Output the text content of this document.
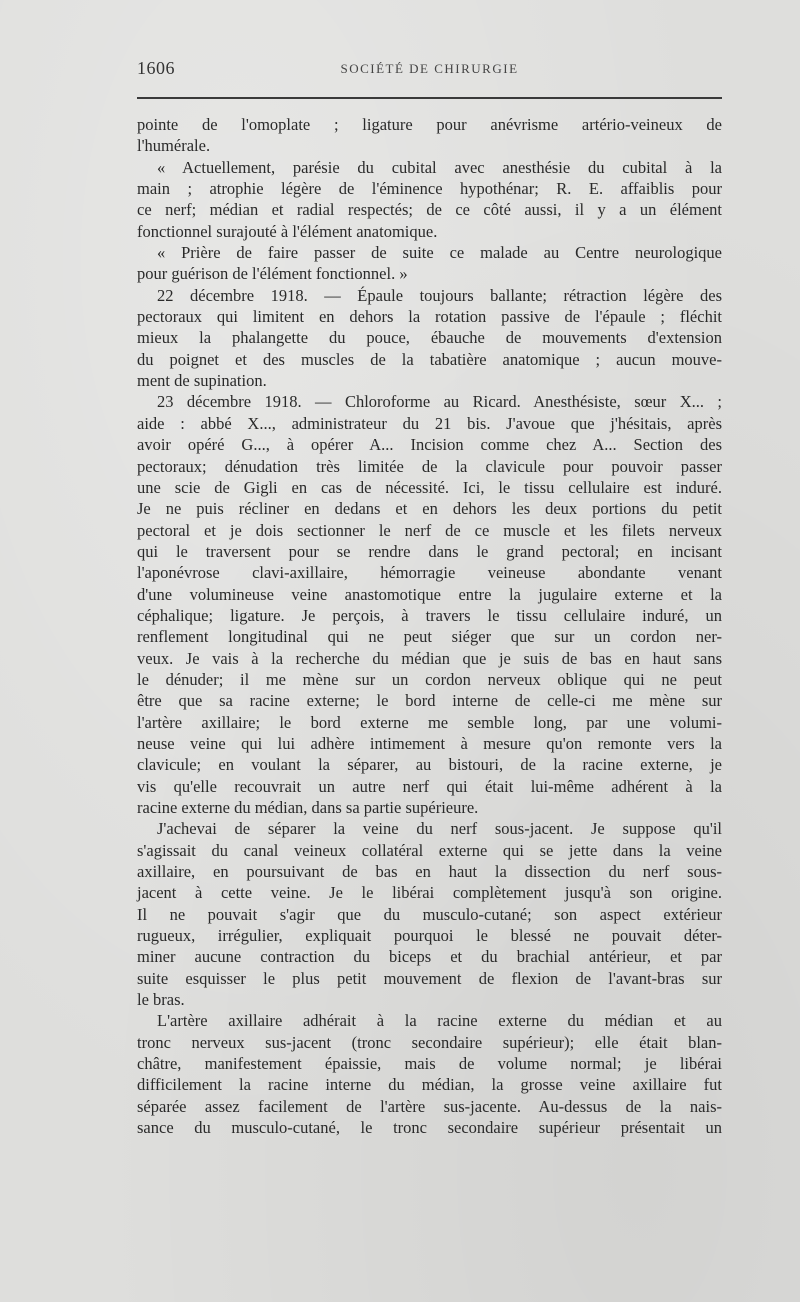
1606	SOCIÉTÉ DE CHIRURGIE
pointe de l'omoplate ; ligature pour anévrisme artério-veineux de
l'humérale.
« Actuellement, parésie du cubital avec anesthésie du cubital à la
main ; atrophie légère de l'éminence hypothénar; R. E. affaiblis pour
ce nerf; médian et radial respectés; de ce côté aussi, il y a un élément
fonctionnel surajouté à l'élément anatomique.
« Prière de faire passer de suite ce malade au Centre neurologique
pour guérison de l'élément fonctionnel. »
22 décembre 1918. — Épaule toujours ballante; rétraction légère des
pectoraux qui limitent en dehors la rotation passive de l'épaule ; fléchit
mieux la phalangette du pouce, ébauche de mouvements d'extension
du poignet et des muscles de la tabatière anatomique ; aucun mouve-
ment de supination.
23 décembre 1918. — Chloroforme au Ricard. Anesthésiste, sœur X... ;
aide : abbé X..., administrateur du 21 bis. J'avoue que j'hésitais, après
avoir opéré G..., à opérer A... Incision comme chez A... Section des
pectoraux; dénudation très limitée de la clavicule pour pouvoir passer
une scie de Gigli en cas de nécessité. Ici, le tissu cellulaire est induré.
Je ne puis récliner en dedans et en dehors les deux portions du petit
pectoral et je dois sectionner le nerf de ce muscle et les filets nerveux
qui le traversent pour se rendre dans le grand pectoral; en incisant
l'aponévrose clavi-axillaire, hémorragie veineuse abondante venant
d'une volumineuse veine anastomotique entre la jugulaire externe et la
céphalique; ligature. Je perçois, à travers le tissu cellulaire induré, un
renflement longitudinal qui ne peut siéger que sur un cordon ner-
veux. Je vais à la recherche du médian que je suis de bas en haut sans
le dénuder; il me mène sur un cordon nerveux oblique qui ne peut
être que sa racine externe; le bord interne de celle-ci me mène sur
l'artère axillaire; le bord externe me semble long, par une volumi-
neuse veine qui lui adhère intimement à mesure qu'on remonte vers la
clavicule; en voulant la séparer, au bistouri, de la racine externe, je
vis qu'elle recouvrait un autre nerf qui était lui-même adhérent à la
racine externe du médian, dans sa partie supérieure.
J'achevai de séparer la veine du nerf sous-jacent. Je suppose qu'il
s'agissait du canal veineux collatéral externe qui se jette dans la veine
axillaire, en poursuivant de bas en haut la dissection du nerf sous-
jacent à cette veine. Je le libérai complètement jusqu'à son origine.
Il ne pouvait s'agir que du musculo-cutané; son aspect extérieur
rugueux, irrégulier, expliquait pourquoi le blessé ne pouvait déter-
miner aucune contraction du biceps et du brachial antérieur, et par
suite esquisser le plus petit mouvement de flexion de l'avant-bras sur
le bras.
L'artère axillaire adhérait à la racine externe du médian et au
tronc nerveux sus-jacent (tronc secondaire supérieur); elle était blan-
châtre, manifestement épaissie, mais de volume normal; je libérai
difficilement la racine interne du médian, la grosse veine axillaire fut
séparée assez facilement de l'artère sus-jacente. Au-dessus de la nais-
sance du musculo-cutané, le tronc secondaire supérieur présentait un
